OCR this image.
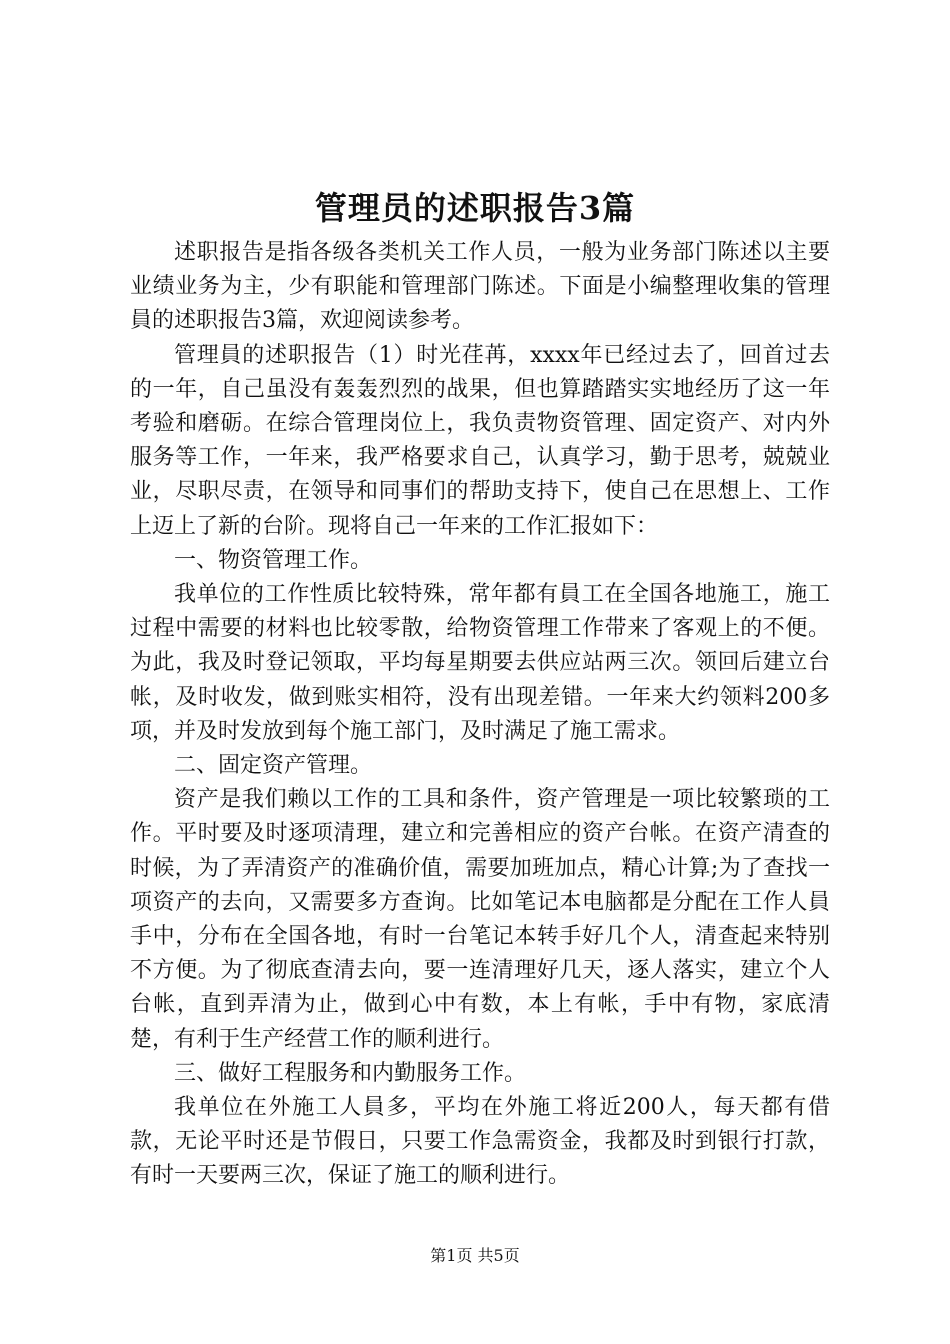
管理员的述职报告3篇

述职报告是指各级各类机关工作人员，一般为业务部门陈述以主要业绩业务为主，少有职能和管理部门陈述。下面是小编整理收集的管理員的述职报告3篇，欢迎阅读参考。

管理員的述职报告（1）时光荏苒，xxxx年已经过去了，回首过去的一年，自己虽没有轰轰烈烈的战果，但也算踏踏实实地经历了这一年考验和磨砺。在综合管理岗位上，我负责物资管理、固定资产、对内外服务等工作，一年来，我严格要求自己，认真学习，勤于思考，兢兢业业，尽职尽责，在领导和同事们的帮助支持下，使自己在思想上、工作上迈上了新的台阶。现将自己一年来的工作汇报如下：

一、物资管理工作。

我单位的工作性质比较特殊，常年都有員工在全国各地施工，施工过程中需要的材料也比较零散，给物资管理工作带来了客观上的不便。为此，我及时登记领取，平均每星期要去供应站两三次。领回后建立台帐，及时收发，做到账实相符，没有出现差错。一年来大约领料200多项，并及时发放到每个施工部门，及时满足了施工需求。

二、固定资产管理。

资产是我们赖以工作的工具和条件，资产管理是一项比较繁琐的工作。平时要及时逐项清理，建立和完善相应的资产台帐。在资产清查的时候，为了弄清资产的准确价值，需要加班加点，精心计算;为了查找一项资产的去向，又需要多方查询。比如笔记本电脑都是分配在工作人員手中，分布在全国各地，有时一台笔记本转手好几个人，清查起来特别不方便。为了彻底查清去向，要一连清理好几天，逐人落实，建立个人台帐，直到弄清为止，做到心中有数，本上有帐，手中有物，家底清楚，有利于生产经营工作的顺利进行。

三、做好工程服务和内勤服务工作。

我单位在外施工人員多，平均在外施工将近200人，每天都有借款，无论平时还是节假日，只要工作急需资金，我都及时到银行打款，有时一天要两三次，保证了施工的顺利进行。

第1页 共5页
